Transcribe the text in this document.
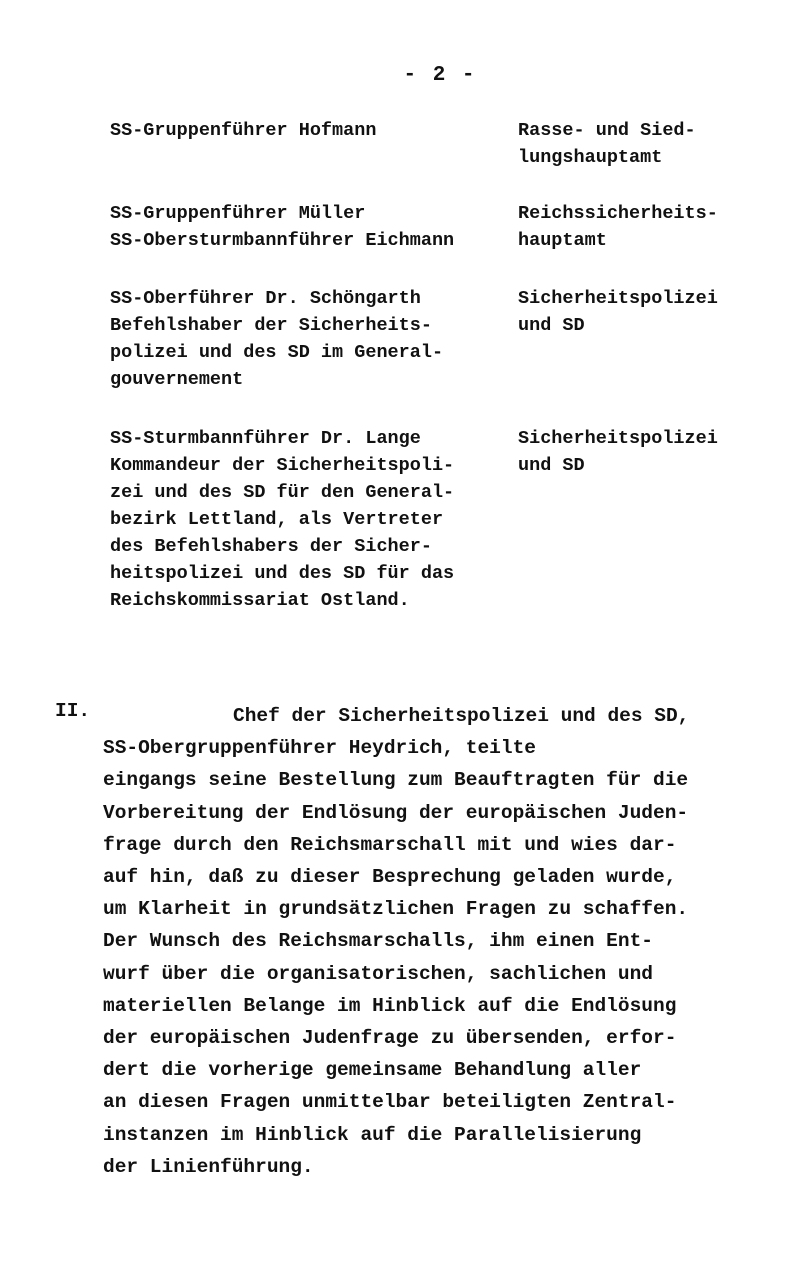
- 2 -
SS-Gruppenführer Hofmann	Rasse- und Sied-
lungshauptamt
SS-Gruppenführer Müller
SS-Obersturmbannführer Eichmann
Reichssicherheits-
hauptamt
SS-Oberführer Dr. Schöngarth
Befehlshaber der Sicherheits-
polizei und des SD im General-
gouvernement
Sicherheitspolizei
und SD
SS-Sturmbannführer Dr. Lange
Kommandeur der Sicherheitspoli-
zei und des SD für den General-
bezirk Lettland, als Vertreter
des Befehlshabers der Sicher-
heitspolizei und des SD für das
Reichskommissariat Ostland.
Sicherheitspolizei
und SD
II.	Chef der Sicherheitspolizei und des SD,
SS-Obergruppenführer Heydrich, teilte
eingangs seine Bestellung zum Beauftragten für die
Vorbereitung der Endlösung der europäischen Juden-
frage durch den Reichsmarschall mit und wies dar-
auf hin, daß zu dieser Besprechung geladen wurde,
um Klarheit in grundsätzlichen Fragen zu schaffen.
Der Wunsch des Reichsmarschalls, ihm einen Ent-
wurf über die organisatorischen, sachlichen und
materiellen Belange im Hinblick auf die Endlösung
der europäischen Judenfrage zu übersenden, erfor-
dert die vorherige gemeinsame Behandlung aller
an diesen Fragen unmittelbar beteiligten Zentral-
instanzen im Hinblick auf die Parallelisierung
der Linienführung.
